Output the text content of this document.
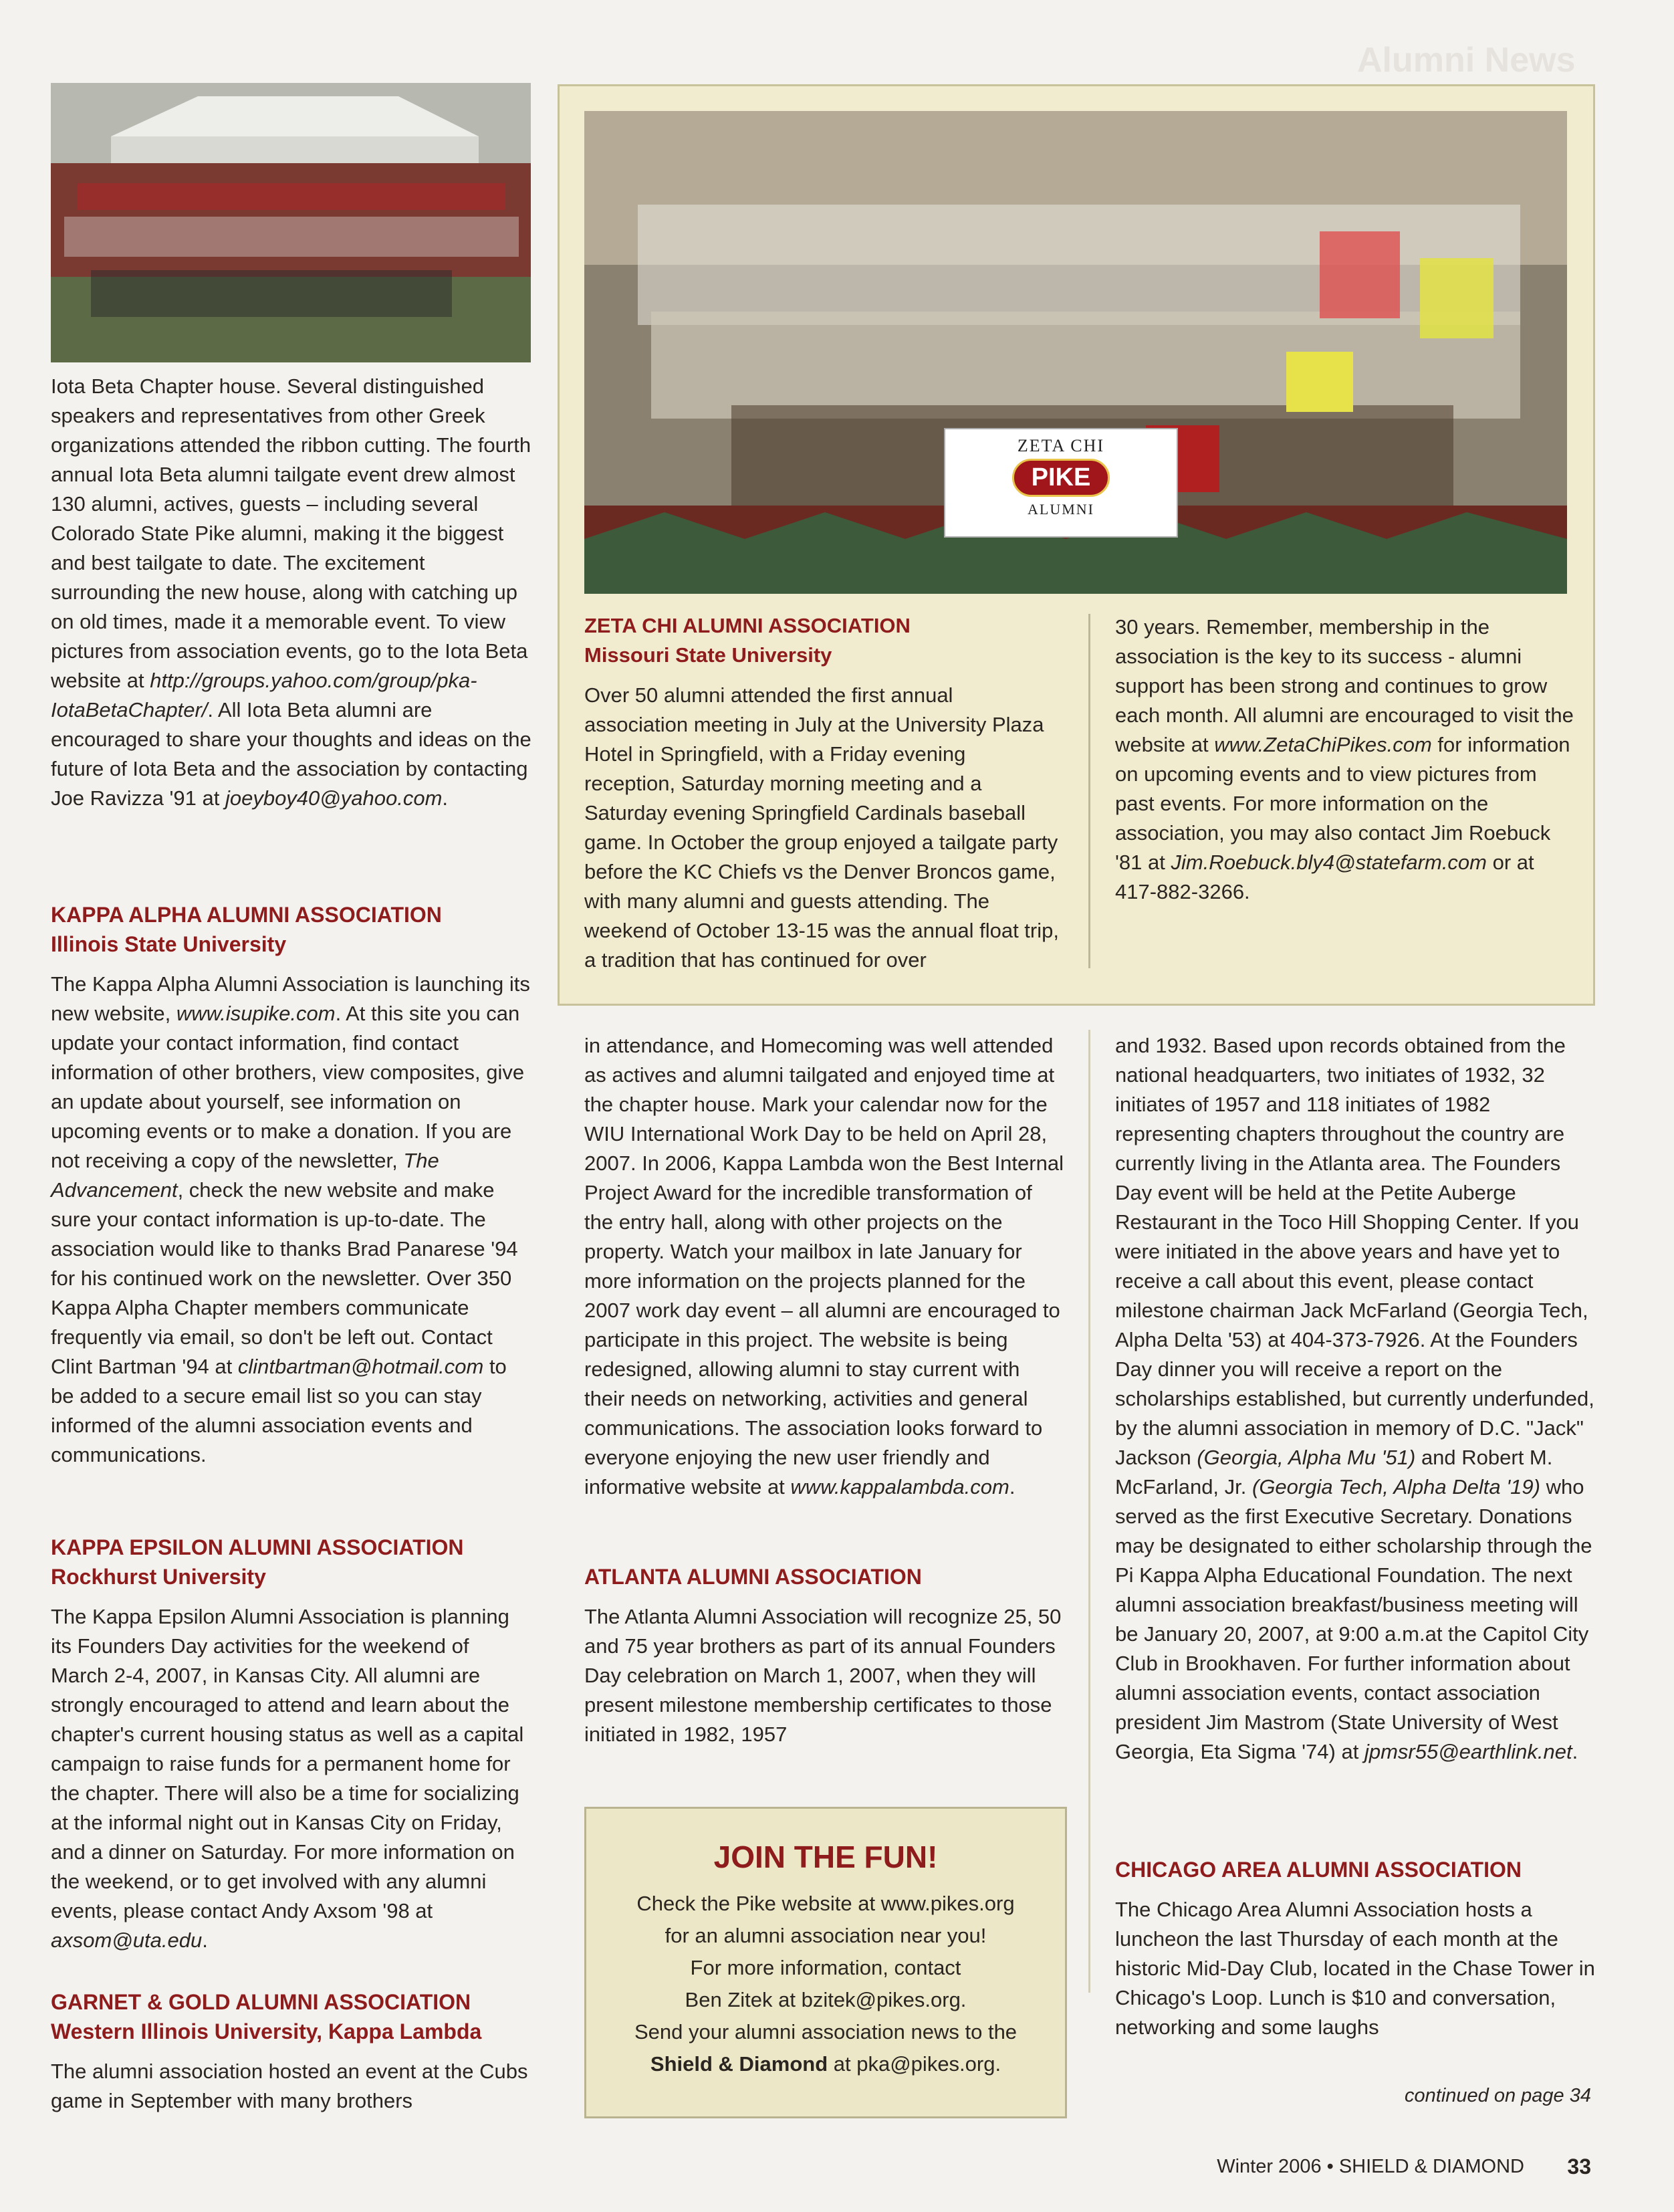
Alumni News

Iota Beta Chapter house. Several distinguished speakers and representatives from other Greek organizations attended the ribbon cutting. The fourth annual Iota Beta alumni tailgate event drew almost 130 alumni, actives, guests – including several Colorado State Pike alumni, making it the biggest and best tailgate to date. The excitement surrounding the new house, along with catching up on old times, made it a memorable event. To view pictures from association events, go to the Iota Beta website at http://groups.yahoo.com/group/pka-IotaBetaChapter/. All Iota Beta alumni are encouraged to share your thoughts and ideas on the future of Iota Beta and the association by contacting Joe Ravizza '91 at joeyboy40@yahoo.com.

KAPPA ALPHA ALUMNI ASSOCIATION
Illinois State University

The Kappa Alpha Alumni Association is launching its new website, www.isupike.com. At this site you can update your contact information, find contact information of other brothers, view composites, give an update about yourself, see information on upcoming events or to make a donation. If you are not receiving a copy of the newsletter, The Advancement, check the new website and make sure your contact information is up-to-date. The association would like to thanks Brad Panarese '94 for his continued work on the newsletter. Over 350 Kappa Alpha Chapter members communicate frequently via email, so don't be left out. Contact Clint Bartman '94 at clintbartman@hotmail.com to be added to a secure email list so you can stay informed of the alumni association events and communications.

KAPPA EPSILON ALUMNI ASSOCIATION
Rockhurst University

The Kappa Epsilon Alumni Association is planning its Founders Day activities for the weekend of March 2-4, 2007, in Kansas City. All alumni are strongly encouraged to attend and learn about the chapter's current housing status as well as a capital campaign to raise funds for a permanent home for the chapter. There will also be a time for socializing at the informal night out in Kansas City on Friday, and a dinner on Saturday. For more information on the weekend, or to get involved with any alumni events, please contact Andy Axsom '98 at axsom@uta.edu.

GARNET & GOLD ALUMNI ASSOCIATION
Western Illinois University, Kappa Lambda

The alumni association hosted an event at the Cubs game in September with many brothers

ZETA CHI
PIKE
ALUMNI
ZETA CHI ALUMNI ASSOCIATION
Missouri State University

Over 50 alumni attended the first annual association meeting in July at the University Plaza Hotel in Springfield, with a Friday evening reception, Saturday morning meeting and a Saturday evening Springfield Cardinals baseball game. In October the group enjoyed a tailgate party before the KC Chiefs vs the Denver Broncos game, with many alumni and guests attending. The weekend of October 13-15 was the annual float trip, a tradition that has continued for over

30 years. Remember, membership in the association is the key to its success - alumni support has been strong and continues to grow each month. All alumni are encouraged to visit the website at www.ZetaChiPikes.com for information on upcoming events and to view pictures from past events. For more information on the association, you may also contact Jim Roebuck '81 at Jim.Roebuck.bly4@statefarm.com or at 417-882-3266.

in attendance, and Homecoming was well attended as actives and alumni tailgated and enjoyed time at the chapter house. Mark your calendar now for the WIU International Work Day to be held on April 28, 2007. In 2006, Kappa Lambda won the Best Internal Project Award for the incredible transformation of the entry hall, along with other projects on the property. Watch your mailbox in late January for more information on the projects planned for the 2007 work day event – all alumni are encouraged to participate in this project. The website is being redesigned, allowing alumni to stay current with their needs on networking, activities and general communications. The association looks forward to everyone enjoying the new user friendly and informative website at www.kappalambda.com.

ATLANTA ALUMNI ASSOCIATION

The Atlanta Alumni Association will recognize 25, 50 and 75 year brothers as part of its annual Founders Day celebration on March 1, 2007, when they will present milestone membership certificates to those initiated in 1982, 1957

JOIN THE FUN!
Check the Pike website at www.pikes.org
for an alumni association near you!
For more information, contact
Ben Zitek at bzitek@pikes.org.
Send your alumni association news to the
Shield & Diamond at pka@pikes.org.

and 1932. Based upon records obtained from the national headquarters, two initiates of 1932, 32 initiates of 1957 and 118 initiates of 1982 representing chapters throughout the country are currently living in the Atlanta area. The Founders Day event will be held at the Petite Auberge Restaurant in the Toco Hill Shopping Center. If you were initiated in the above years and have yet to receive a call about this event, please contact milestone chairman Jack McFarland (Georgia Tech, Alpha Delta '53) at 404-373-7926. At the Founders Day dinner you will receive a report on the scholarships established, but currently underfunded, by the alumni association in memory of D.C. "Jack" Jackson (Georgia, Alpha Mu '51) and Robert M. McFarland, Jr. (Georgia Tech, Alpha Delta '19) who served as the first Executive Secretary. Donations may be designated to either scholarship through the Pi Kappa Alpha Educational Foundation. The next alumni association breakfast/business meeting will be January 20, 2007, at 9:00 a.m.at the Capitol City Club in Brookhaven. For further information about alumni association events, contact association president Jim Mastrom (State University of West Georgia, Eta Sigma '74) at jpmsr55@earthlink.net.

CHICAGO AREA ALUMNI ASSOCIATION

The Chicago Area Alumni Association hosts a luncheon the last Thursday of each month at the historic Mid-Day Club, located in the Chase Tower in Chicago's Loop. Lunch is $10 and conversation, networking and some laughs

continued on page 34
Winter 2006 • SHIELD & DIAMOND 33
